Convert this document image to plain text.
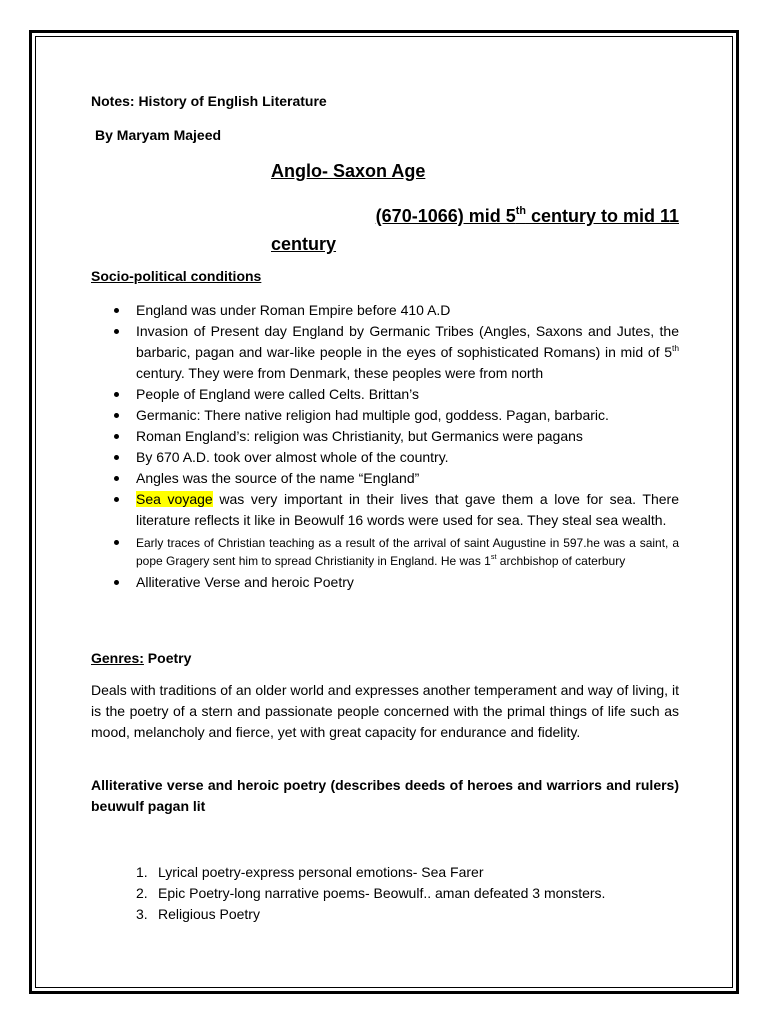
Notes: History of English Literature
By Maryam Majeed
Anglo- Saxon Age
(670-1066) mid 5th century to mid 11
century
Socio-political conditions
England was under Roman Empire before 410 A.D
Invasion of Present day England by Germanic Tribes (Angles, Saxons and Jutes, the barbaric, pagan and war-like people in the eyes of sophisticated Romans) in mid of 5th century. They were from Denmark, these peoples were from north
People of England were called Celts. Brittan’s
Germanic: There native religion had multiple god, goddess. Pagan, barbaric.
Roman England’s: religion was Christianity, but Germanics were pagans
By 670 A.D. took over almost whole of the country.
Angles was the source of the name “England”
Sea voyage was very important in their lives that gave them a love for sea. There literature reflects it like in Beowulf 16 words were used for sea. They steal sea wealth.
Early traces of Christian teaching as a result of the arrival of saint Augustine in 597.he was a saint, a pope Gragery sent him to spread Christianity in England. He was 1st archbishop of caterbury
Alliterative Verse and heroic Poetry
Genres: Poetry
Deals with traditions of an older world and expresses another temperament and way of living, it is the poetry of a stern and passionate people concerned with the primal things of life such as mood, melancholy and fierce, yet with great capacity for endurance and fidelity.
Alliterative verse and heroic poetry (describes deeds of heroes and warriors and rulers) beuwulf pagan lit
1. Lyrical poetry-express personal emotions- Sea Farer
2. Epic Poetry-long narrative poems- Beowulf.. aman defeated 3 monsters.
3. Religious Poetry
